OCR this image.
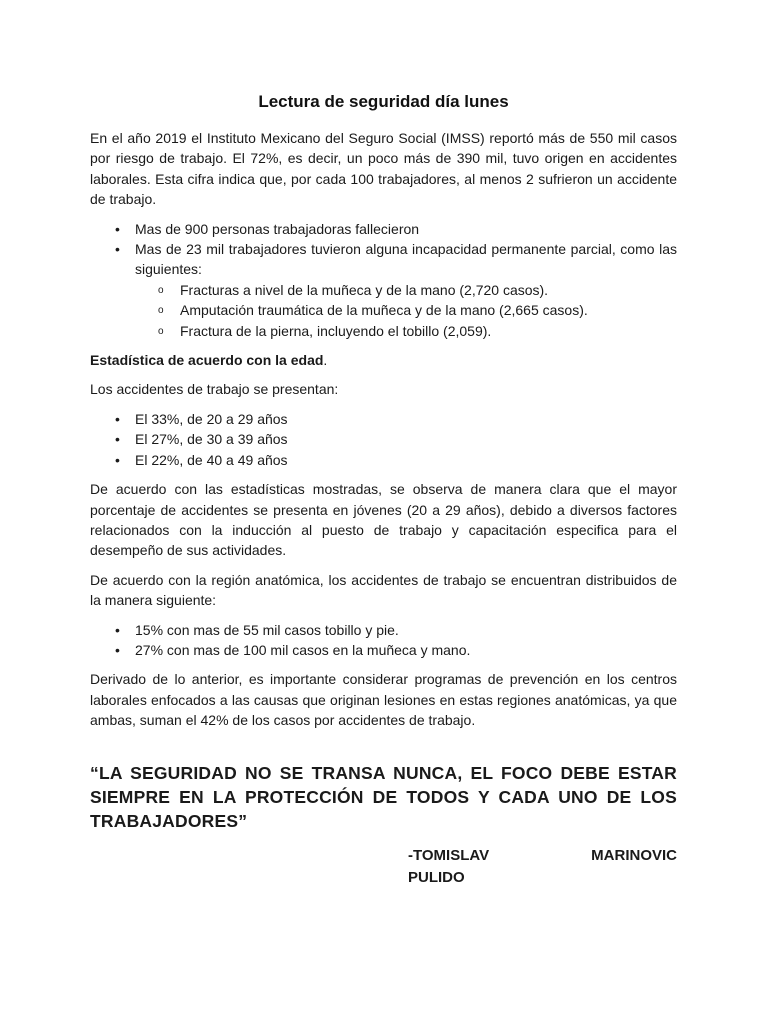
Lectura de seguridad día lunes

En el año 2019 el Instituto Mexicano del Seguro Social (IMSS) reportó más de 550 mil casos por riesgo de trabajo. El 72%, es decir, un poco más de 390 mil, tuvo origen en accidentes laborales. Esta cifra indica que, por cada 100 trabajadores, al menos 2 sufrieron un accidente de trabajo.

• Mas de 900 personas trabajadoras fallecieron
• Mas de 23 mil trabajadores tuvieron alguna incapacidad permanente parcial, como las siguientes:
o Fracturas a nivel de la muñeca y de la mano (2,720 casos).
o Amputación traumática de la muñeca y de la mano (2,665 casos).
o Fractura de la pierna, incluyendo el tobillo (2,059).
Estadística de acuerdo con la edad.

Los accidentes de trabajo se presentan:

• El 33%, de 20 a 29 años
• El 27%, de 30 a 39 años
• El 22%, de 40 a 49 años

De acuerdo con las estadísticas mostradas, se observa de manera clara que el mayor porcentaje de accidentes se presenta en jóvenes (20 a 29 años), debido a diversos factores relacionados con la inducción al puesto de trabajo y capacitación especifica para el desempeño de sus actividades.

De acuerdo con la región anatómica, los accidentes de trabajo se encuentran distribuidos de la manera siguiente:

• 15% con mas de 55 mil casos tobillo y pie.
• 27% con mas de 100 mil casos en la muñeca y mano.

Derivado de lo anterior, es importante considerar programas de prevención en los centros laborales enfocados a las causas que originan lesiones en estas regiones anatómicas, ya que ambas, suman el 42% de los casos por accidentes de trabajo.

“LA SEGURIDAD NO SE TRANSA NUNCA, EL FOCO DEBE ESTAR SIEMPRE EN LA PROTECCIÓN DE TODOS Y CADA UNO DE LOS TRABAJADORES”
-TOMISLAV	MARINOVIC
PULIDO
